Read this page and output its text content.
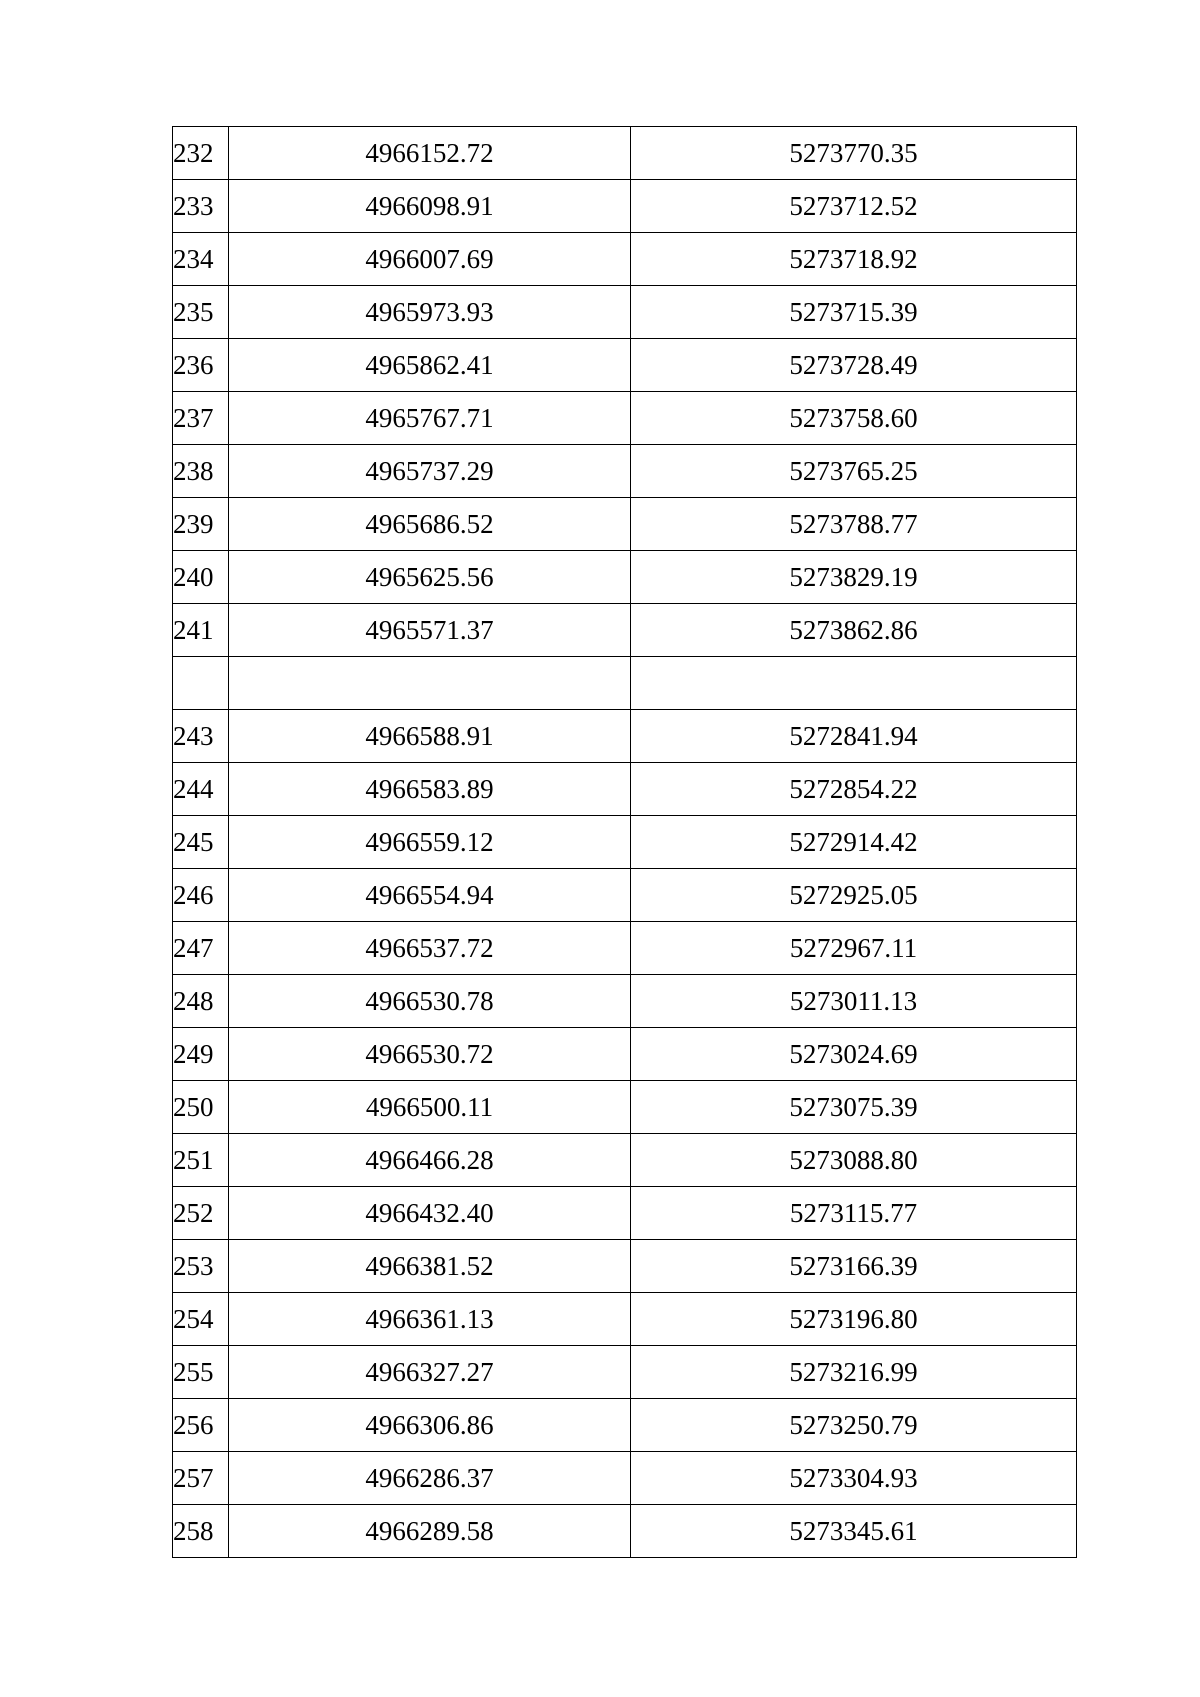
232	4966152.72	5273770.35
233	4966098.91	5273712.52
234	4966007.69	5273718.92
235	4965973.93	5273715.39
236	4965862.41	5273728.49
237	4965767.71	5273758.60
238	4965737.29	5273765.25
239	4965686.52	5273788.77
240	4965625.56	5273829.19
241	4965571.37	5273862.86

243	4966588.91	5272841.94
244	4966583.89	5272854.22
245	4966559.12	5272914.42
246	4966554.94	5272925.05
247	4966537.72	5272967.11
248	4966530.78	5273011.13
249	4966530.72	5273024.69
250	4966500.11	5273075.39
251	4966466.28	5273088.80
252	4966432.40	5273115.77
253	4966381.52	5273166.39
254	4966361.13	5273196.80
255	4966327.27	5273216.99
256	4966306.86	5273250.79
257	4966286.37	5273304.93
258	4966289.58	5273345.61
